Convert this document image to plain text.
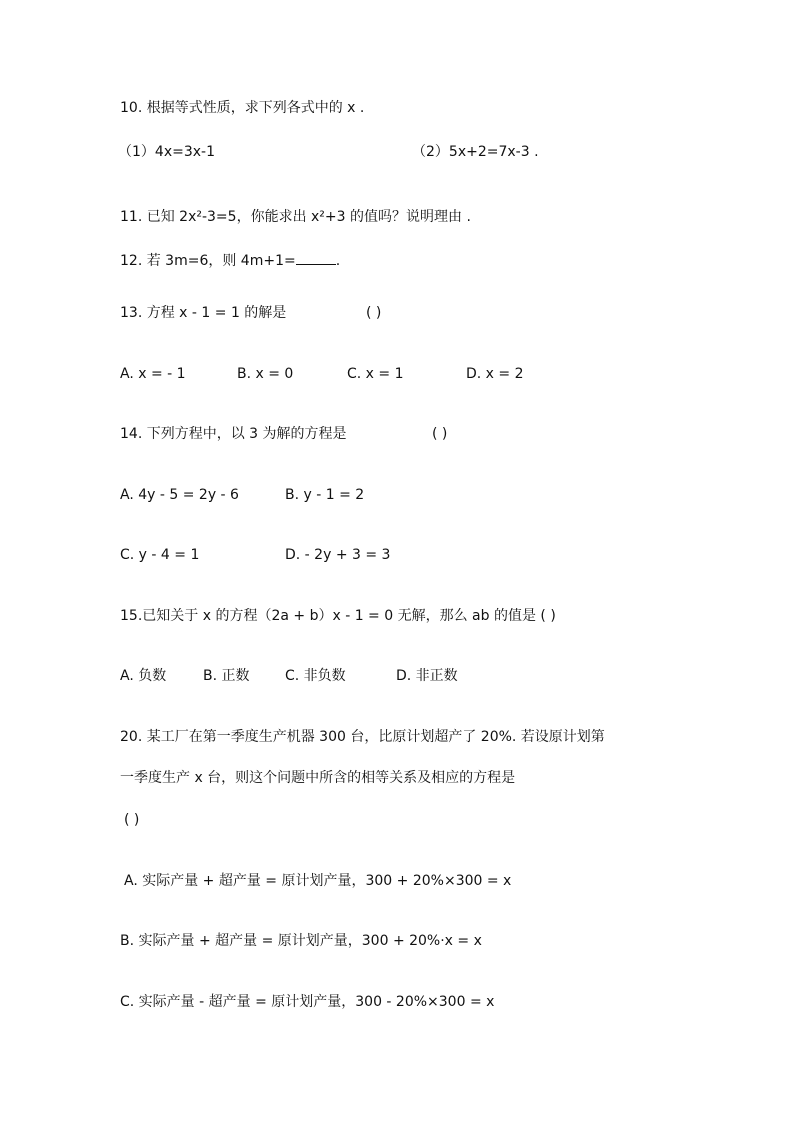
10. 根据等式性质，求下列各式中的 x .
（1）4x=3x-1	（2）5x+2=7x-3 .
11. 已知 2x²-3=5，你能求出 x²+3 的值吗？说明理由 .
12. 若 3m=6，则 4m+1=	.
13. 方程 x - 1 = 1 的解是	( )
A. x = - 1	B. x = 0	C. x = 1	D. x = 2
14. 下列方程中，以 3 为解的方程是	( )
A. 4y - 5 = 2y - 6	B. y - 1 = 2
C. y - 4 = 1	D. - 2y + 3 = 3
15.已知关于 x 的方程（2a + b）x - 1 = 0 无解，那么 ab 的值是 ( )
A. 负数	B. 正数	C. 非负数	D. 非正数
20. 某工厂在第一季度生产机器 300 台，比原计划超产了 20%. 若设原计划第
一季度生产 x 台，则这个问题中所含的相等关系及相应的方程是
( )
A. 实际产量 + 超产量 = 原计划产量，300 + 20%×300 = x
B. 实际产量 + 超产量 = 原计划产量，300 + 20%·x = x
C. 实际产量 - 超产量 = 原计划产量，300 - 20%×300 = x
